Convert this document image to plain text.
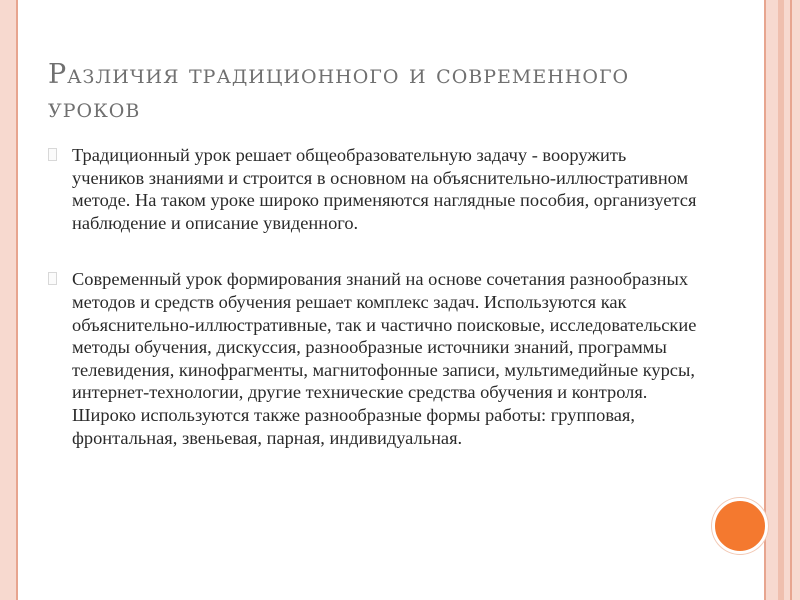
Различия традиционного и современного уроков
Традиционный урок решает общеобразовательную задачу - вооружить учеников знаниями и строится в основном на объяснительно-иллюстративном методе. На таком уроке широко применяются наглядные пособия, организуется наблюдение и описание увиденного.
Современный урок формирования знаний на основе сочетания разнообразных методов и средств обучения решает комплекс задач. Используются как объяснительно-иллюстративные, так и частично поисковые, исследовательские методы обучения, дискуссия, разнообразные источники знаний, программы телевидения, кинофрагменты, магнитофонные записи, мультимедийные курсы, интернет-технологии, другие технические средства обучения и контроля. Широко используются также разнообразные формы работы: групповая, фронтальная, звеньевая, парная, индивидуальная.
